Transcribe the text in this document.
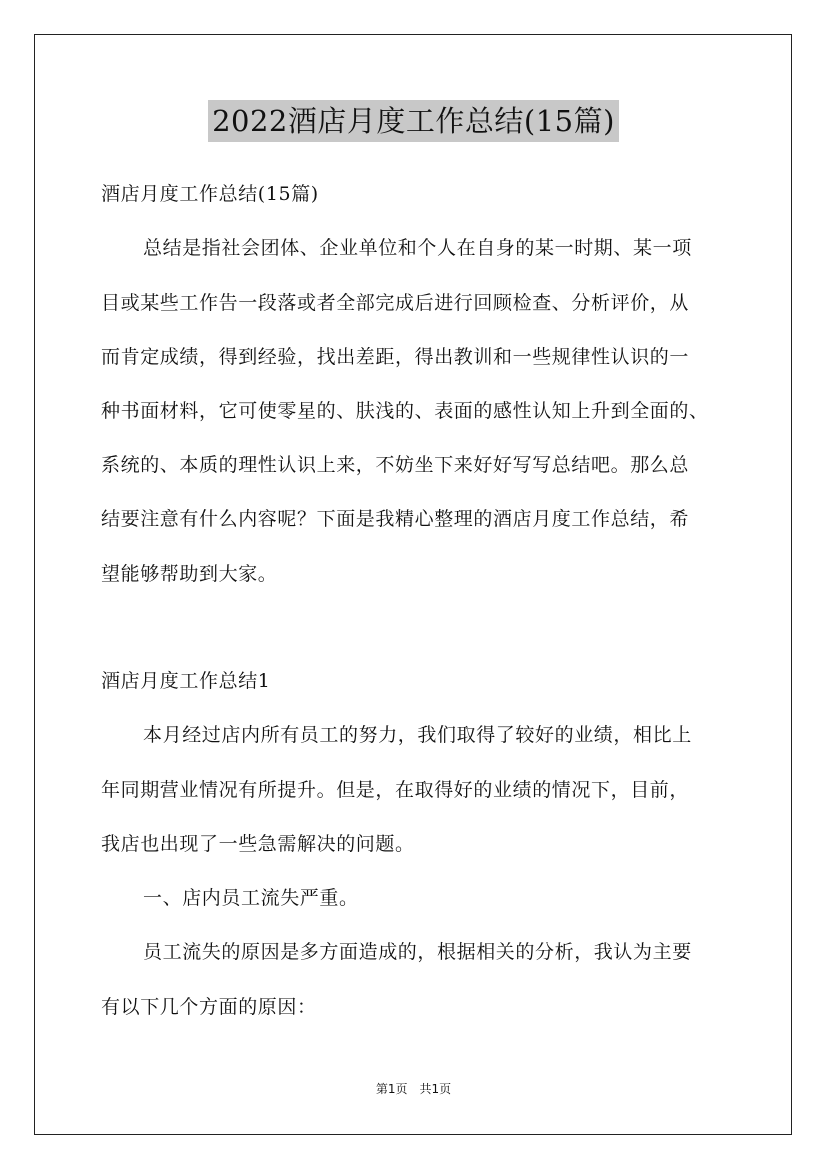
2022酒店月度工作总结(15篇)
酒店月度工作总结(15篇)
总结是指社会团体、企业单位和个人在自身的某一时期、某一项
目或某些工作告一段落或者全部完成后进行回顾检查、分析评价，从
而肯定成绩，得到经验，找出差距，得出教训和一些规律性认识的一
种书面材料，它可使零星的、肤浅的、表面的感性认知上升到全面的、
系统的、本质的理性认识上来，不妨坐下来好好写写总结吧。那么总
结要注意有什么内容呢？下面是我精心整理的酒店月度工作总结，希
望能够帮助到大家。
酒店月度工作总结1
本月经过店内所有员工的努力，我们取得了较好的业绩，相比上
年同期营业情况有所提升。但是，在取得好的业绩的情况下，目前，
我店也出现了一些急需解决的问题。
一、店内员工流失严重。
员工流失的原因是多方面造成的，根据相关的分析，我认为主要
有以下几个方面的原因：
第1页　共1页
